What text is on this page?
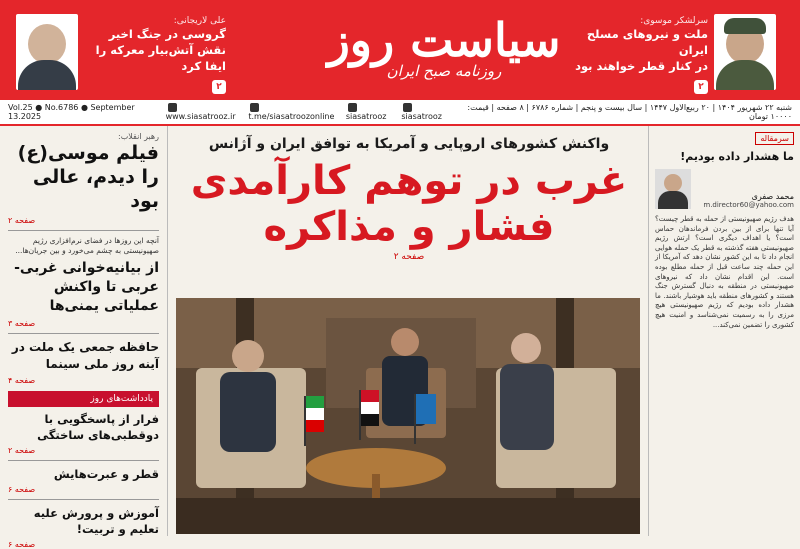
سرلشکر موسوی:
ملت و نیروهای مسلح ایران
در کنار قطر خواهند بود
۲
سیاست روز
روزنامه صبح ایران
علی لاریجانی:
گروسی در جنگ اخیر
نقش آتش‌بیار معرکه را ایفا کرد
۲
Vol.25 ● No.6786 ● September 13.2025	www.siasatrooz.ir	t.me/siasatroozonline	siasatrooz	siasatrooz
شنبه ۲۲ شهریور ۱۴۰۴ | ۲۰ ربیع‌الاول ۱۴۴۷ | سال بیست و پنجم | شماره ۶۷۸۶ | ۸ صفحه | قیمت: ۱۰۰۰۰ تومان
رهبر انقلاب:
فیلم موسی(ع) را دیدم، عالی بود
صفحه ۲
آنچه این روزها در فضای نرم‌افزاری رژیم صهیونیستی به چشم می‌خورد و بین جریان‌ها...
از بیانیه‌خوانی غربی-عربی تا واکنش عملیاتی یمنی‌ها
صفحه ۳
حافظه جمعی یک ملت در آینه روز ملی سینما
صفحه ۴
یادداشت‌های روز
فرار از پاسخگویی با دوقطبی‌های ساختگی
صفحه ۲
قطر و عبرت‌هایش
صفحه ۶
آموزش و پرورش علیه تعلیم و تربیت!
صفحه ۶
واکنش کشورهای اروپایی و آمریکا به توافق ایران و آژانس
غرب در توهم کارآمدی
فشار و مذاکره
صفحه ۲
سرمقاله
ما هشدار داده بودیم!
محمد صفری
m.director60@yahoo.com
هدف رژیم صهیونیستی از حمله به قطر چیست؟ آیا تنها برای از بین بردن فرماندهان حماس است؟ یا اهداف دیگری است؟ ارتش رژیم صهیونیستی هفته گذشته به قطر یک حمله هوایی انجام داد تا به این کشور نشان دهد که آمریکا از این حمله چند ساعت قبل از حمله مطلع بوده است. این اقدام نشان داد که نیروهای صهیونیستی در منطقه به دنبال گسترش جنگ هستند و کشورهای منطقه باید هوشیار باشند. ما هشدار داده بودیم که رژیم صهیونیستی هیچ مرزی را به رسمیت نمی‌شناسد و امنیت هیچ کشوری را تضمین نمی‌کند...
